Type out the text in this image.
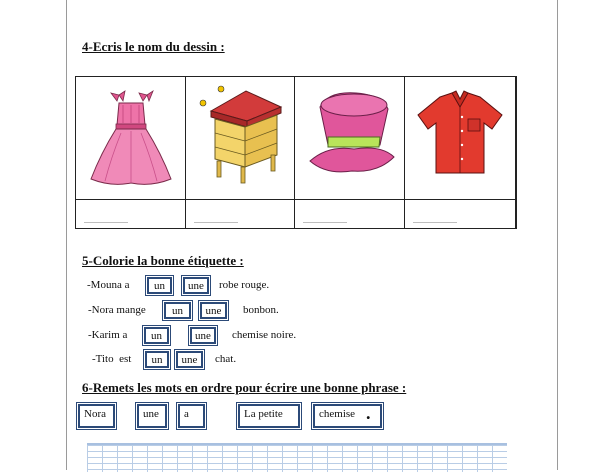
4-Ecris le nom du dessin :
......................	......................	......................	......................
5-Colorie la bonne étiquette :
-Mouna a	un	une	robe rouge.
-Nora mange	un	une	bonbon.
-Karim a	un	une	chemise noire.
-Tito  est	un	une	chat.
6-Remets les mots en ordre pour écrire une bonne phrase :
Nora	une	a	La petite	chemise .
